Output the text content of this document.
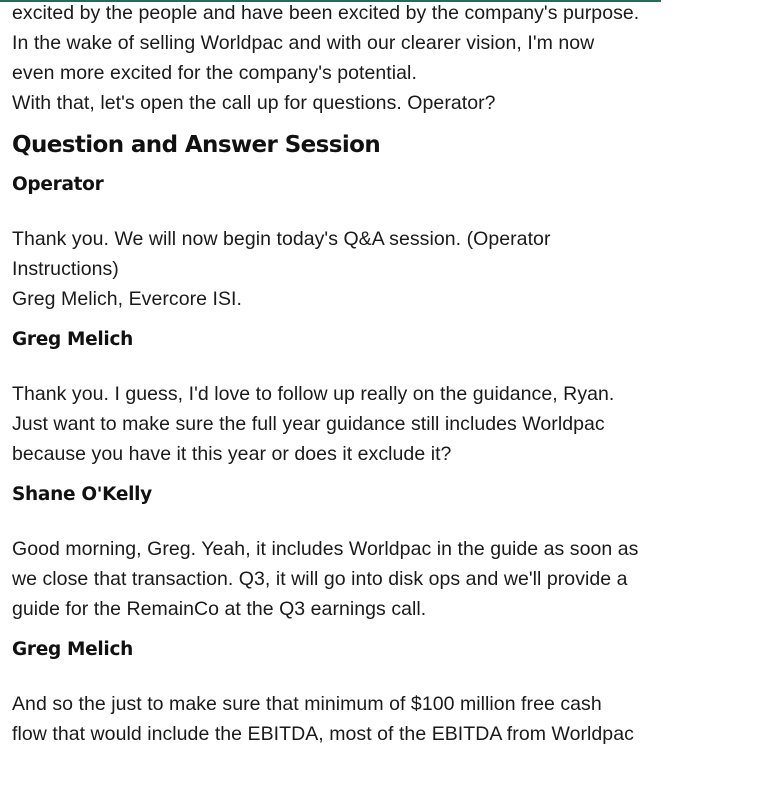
excited by the people and have been excited by the company's purpose.
In the wake of selling Worldpac and with our clearer vision, I'm now
even more excited for the company's potential.
With that, let's open the call up for questions. Operator?

Question and Answer Session
Operator

Thank you. We will now begin today's Q&A session. (Operator
Instructions)
Greg Melich, Evercore ISI.

Greg Melich

Thank you. I guess, I'd love to follow up really on the guidance, Ryan.
Just want to make sure the full year guidance still includes Worldpac
because you have it this year or does it exclude it?

Shane O'Kelly

Good morning, Greg. Yeah, it includes Worldpac in the guide as soon as
we close that transaction. Q3, it will go into disk ops and we'll provide a
guide for the RemainCo at the Q3 earnings call.

Greg Melich

And so the just to make sure that minimum of $100 million free cash
flow that would include the EBITDA, most of the EBITDA from Worldpac
